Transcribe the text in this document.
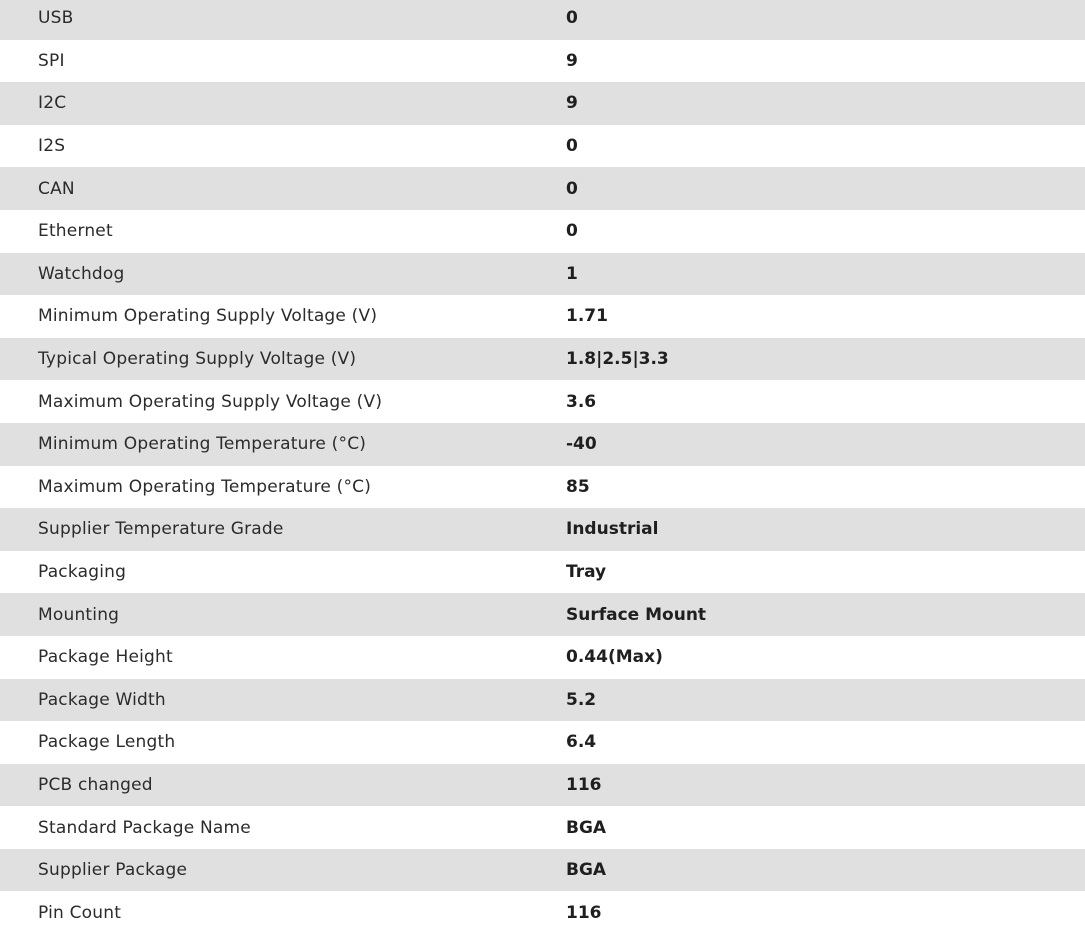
USB	0
SPI	9
I2C	9
I2S	0
CAN	0
Ethernet	0
Watchdog	1
Minimum Operating Supply Voltage (V)	1.71
Typical Operating Supply Voltage (V)	1.8|2.5|3.3
Maximum Operating Supply Voltage (V)	3.6
Minimum Operating Temperature (°C)	-40
Maximum Operating Temperature (°C)	85
Supplier Temperature Grade	Industrial
Packaging	Tray
Mounting	Surface Mount
Package Height	0.44(Max)
Package Width	5.2
Package Length	6.4
PCB changed	116
Standard Package Name	BGA
Supplier Package	BGA
Pin Count	116
